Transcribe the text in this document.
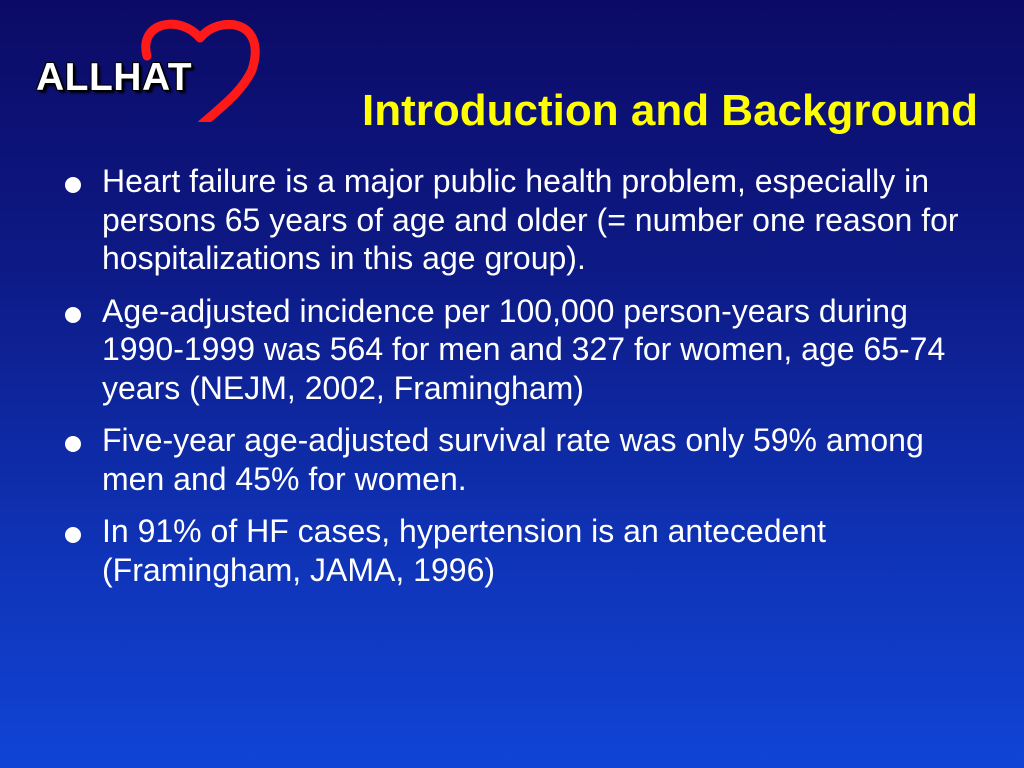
ALLHAT
Introduction and Background
Heart failure is a major public health problem, especially in persons 65 years of age and older (= number one reason for hospitalizations in this age group).
Age-adjusted incidence per 100,000 person-years during 1990-1999 was 564 for men and 327 for women, age 65-74 years (NEJM, 2002, Framingham)
Five-year age-adjusted survival rate was only 59% among men and 45% for women.
In 91% of HF cases, hypertension is an antecedent (Framingham, JAMA, 1996)
